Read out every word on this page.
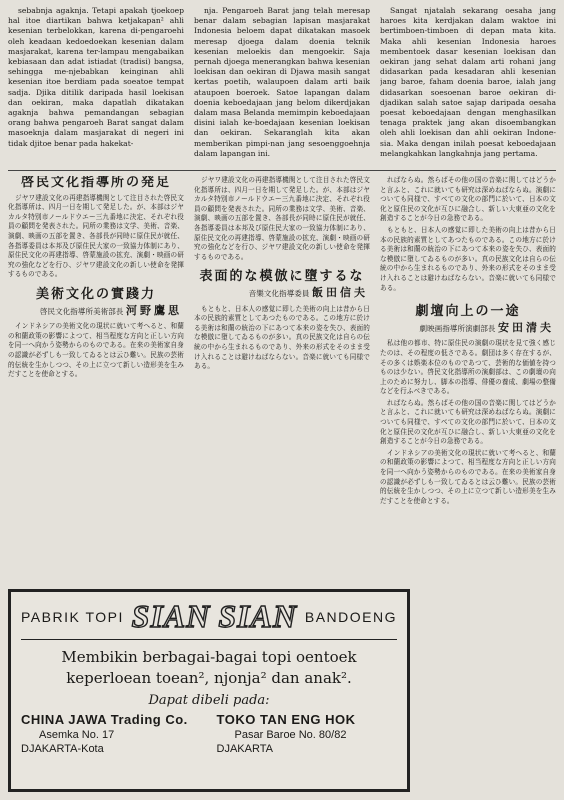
sebabnja agaknja. Tetapi apakah tjoekoep hal itoe diartikan bahwa ketjakapan² ahli kesenian terbelokkan, karena di-pengaroehi oleh keadaan kedoedoekan kesenian dalam masjarakat, karena ter-lampau mengabaikan kebiasaan dan adat istiadat (tradisi) bangsa, sehingga me-njebabkan keinginan ahli kesenian itoe berdiam pada soeatoe tempat sadja. Djika ditilik daripada hasil loekisan dan oekiran, maka dapatlah dikatakan agaknja bahwa pemandangan sebagian orang bahwa pengaroeh Barat sangat dalam masoeknja dalam masjarakat di negeri ini tidak djitoe benar pada hakekat-

nja. Pengaroeh Barat jang telah meresap benar dalam sebagian lapisan masjarakat Indonesia beloem dapat dikatakan masoek meresap djoega dalam doenia teknik kesenian meloekis dan mengoekir. Saja pernah djoega menerangkan bahwa kesenian loekisan dan oekiran di Djawa masih sangat kertas poetih, walaupoen dalam arti baik ataupoen boeroek. Satoe lapangan dalam doenia keboedajaan jang belom dikerdjakan dalam masa Belanda memimpin keboedajaan disini ialah ke-boedajaan kesenian loekisan dan oekiran. Sekaranglah kita akan memberikan pimpi-nan jang sesoenggoehnja dalam lapangan ini.

Sangat njatalah sekarang oesaha jang haroes kita kerdjakan dalam waktoe ini bertimboen-timboen di depan mata kita. Maka ahli kesenian Indonesia haroes membentoek dasar kesenian loekisan dan oekiran jang sehat dalam arti rohani jang didasarkan pada kesadaran ahli kesenian jang baroe, faham doenia baroe, ialah jang didasarkan soesoenan baroe oekiran di-djadikan salah satoe sajap daripada oesaha poesat keboedajaan dengan menghasilkan tenaga praktek jang akan disoembangkan oleh ahli loekisan dan ahli oekiran Indone-sia. Maka dengan inilah poesat keboedajaan melangkahkan langkahnja jang pertama.

啓民文化指導所の発足

ジヤワ建設文化の再建指導機関として注目された啓民文化指導所は、四月一日を期して発足した。が、本部はジヤカルタ特別市ノールドウエー三九番地に決定、それぞれ役員の顧問を発表された。同所の業務は文学、美術、音楽、演劇、映画の五部を置き、各部長が同時に原住民が就任、各指導委員は本邦及び原住民大家の一致協力体制にあり、原住民文化の再建指導、啓蒙施設の拡充、演劇・映画の研究の強化などを行ひ、ジヤワ建設文化の新しい使命を発揮するものである。

美術文化の實踐力
啓民文化指導所美術部長 河野鷹思

インドネシアの美術文化の現状に就いて考へると、和蘭の和蘭政策の影響によつて、相当程度な方向と正しい方向を同一へ向かう姿勢からのものである。在来の美術家自身の認識が必ずしも一致してゐるとは云ひ難い。民族の芸術的伝統を生かしつつ、その上に立つて新しい造形美を生みだすことを使命とする。

ジヤワ建設文化の再建指導機関として注目された啓民文化指導所は、四月一日を期して発足した。が、本部はジヤカルタ特別市ノールドウエー三九番地に決定、それぞれ役員の顧問を発表された。同所の業務は文学、美術、音楽、演劇、映画の五部を置き、各部長が同時に原住民が就任、各指導委員は本邦及び原住民大家の一致協力体制にあり、原住民文化の再建指導、啓蒙施設の拡充、演劇・映画の研究の強化などを行ひ、ジヤワ建設文化の新しい使命を発揮するものである。

表面的な模倣に墮するな
音樂文化指導委員 飯田信夫

もともと、日本人の感覚に即した美術の向上は昔から日本の民族的素質としてあつたものである。この地方に於ける美術は和蘭の統治の下にあつて本来の姿を失ひ、表面的な模倣に墮してゐるものが多い。真の民族文化は自らの伝統の中から生まれるものであり、外来の形式をそのまま受け入れることは避けねばならない。音楽に就いても同様である。

ればならぬ。然らばその他の国の音楽に関してはどうかと言ふと、これに就いても研究は深めねばならぬ。演劇についても同様で、すべての文化の部門に於いて、日本の文化と原住民の文化が互ひに融合し、新しい大東亜の文化を創造することが今日の急務である。

もともと、日本人の感覚に即した美術の向上は昔から日本の民族的素質としてあつたものである。この地方に於ける美術は和蘭の統治の下にあつて本来の姿を失ひ、表面的な模倣に墮してゐるものが多い。真の民族文化は自らの伝統の中から生まれるものであり、外来の形式をそのまま受け入れることは避けねばならない。音楽に就いても同様である。

劇壇向上の一途
劇映画指導所演劇部長 安田清夫

私は他の都市、特に原住民の演劇の現状を見て強く感じたのは、その程度の低さである。劇団は多く存在するが、その多くは娯楽本位のものであつて、芸術的な価値を持つものは少ない。啓民文化指導所の演劇部は、この劇壇の向上のために努力し、脚本の指導、俳優の養成、劇場の整備などを行ふべきである。

ればならぬ。然らばその他の国の音楽に関してはどうかと言ふと、これに就いても研究は深めねばならぬ。演劇についても同様で、すべての文化の部門に於いて、日本の文化と原住民の文化が互ひに融合し、新しい大東亜の文化を創造することが今日の急務である。

インドネシアの美術文化の現状に就いて考へると、和蘭の和蘭政策の影響によつて、相当程度な方向と正しい方向を同一へ向かう姿勢からのものである。在来の美術家自身の認識が必ずしも一致してゐるとは云ひ難い。民族の芸術的伝統を生かしつつ、その上に立つて新しい造形美を生みだすことを使命とする。

PABRIK TOPI SIAN SIAN BANDOENG
Membikin berbagai-bagai topi oentoek
keperloean toean², njonja² dan anak².
Dapat dibeli pada:
CHINA JAWA Trading Co.
Asemka No. 17
DJAKARTA-Kota
TOKO TAN ENG HOK
Pasar Baroe No. 80/82
DJAKARTA
